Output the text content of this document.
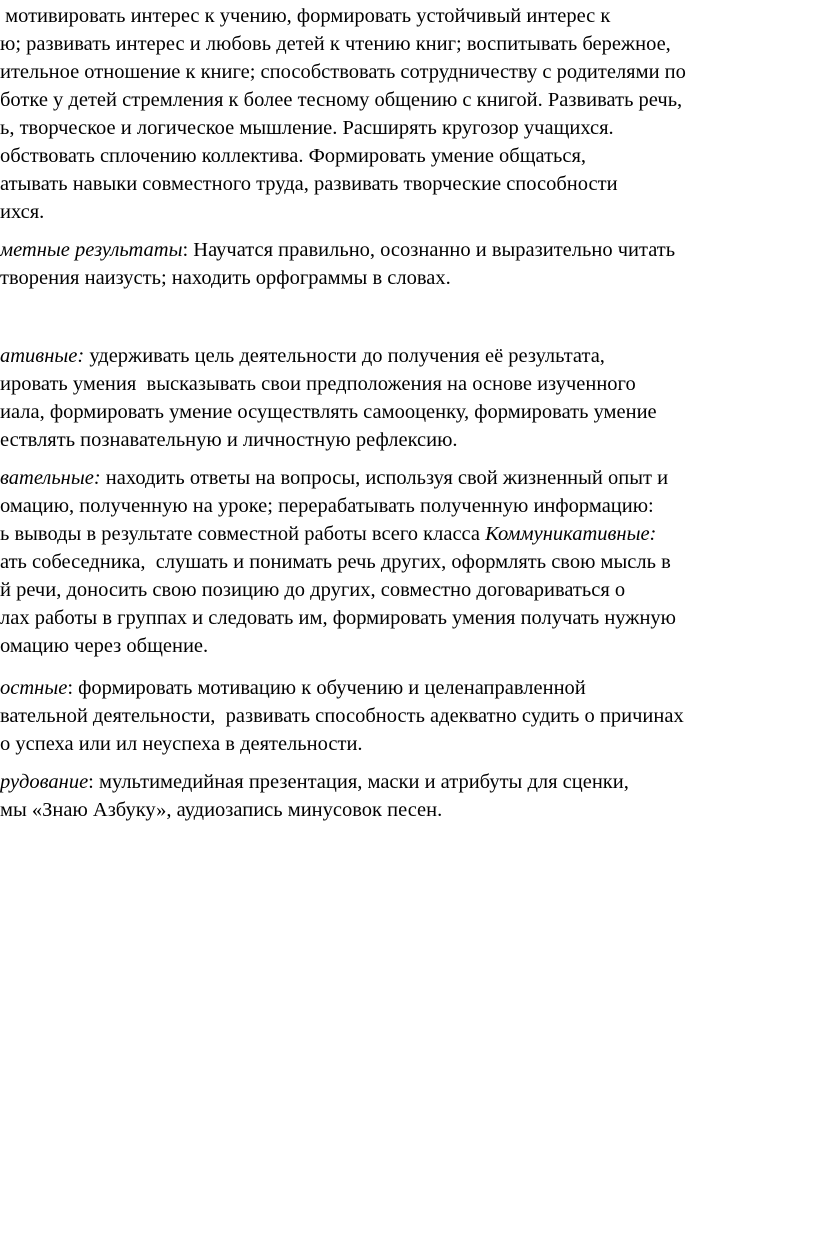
мотивировать интерес к учению, формировать устойчивый интерес к
ю; развивать интерес и любовь детей к чтению книг; воспитывать бережное,
ительное отношение к книге; способствовать сотрудничеству с родителями по
ботке у детей стремления к более тесному общению с книгой. Развивать речь,
ь, творческое и логическое мышление. Расширять кругозор учащихся.
обствовать сплочению коллектива. Формировать умение общаться,
атывать навыки совместного труда, развивать творческие способности
ихся.
метные результаты: Научатся правильно, осознанно и выразительно читать
творения наизусть; находить орфограммы в словах.
ативные: удерживать цель деятельности до получения её результата,
ировать умения  высказывать свои предположения на основе изученного
иала, формировать умение осуществлять самооценку, формировать умение
ествлять познавательную и личностную рефлексию.
вательные: находить ответы на вопросы, используя свой жизненный опыт и
омацию, полученную на уроке; перерабатывать полученную информацию:
ь выводы в результате совместной работы всего класса Коммуникативные:
ать собеседника,  слушать и понимать речь других, оформлять свою мысль в
й речи, доносить свою позицию до других, совместно договариваться о
лах работы в группах и следовать им, формировать умения получать нужную
омацию через общение.
остные: формировать мотивацию к обучению и целенаправленной
вательной деятельности,  развивать способность адекватно судить о причинах
о успеха или ил неуспеха в деятельности.
рудование: мультимедийная презентация, маски и атрибуты для сценки,
мы «Знаю Азбуку», аудиозапись минусовок песен.
